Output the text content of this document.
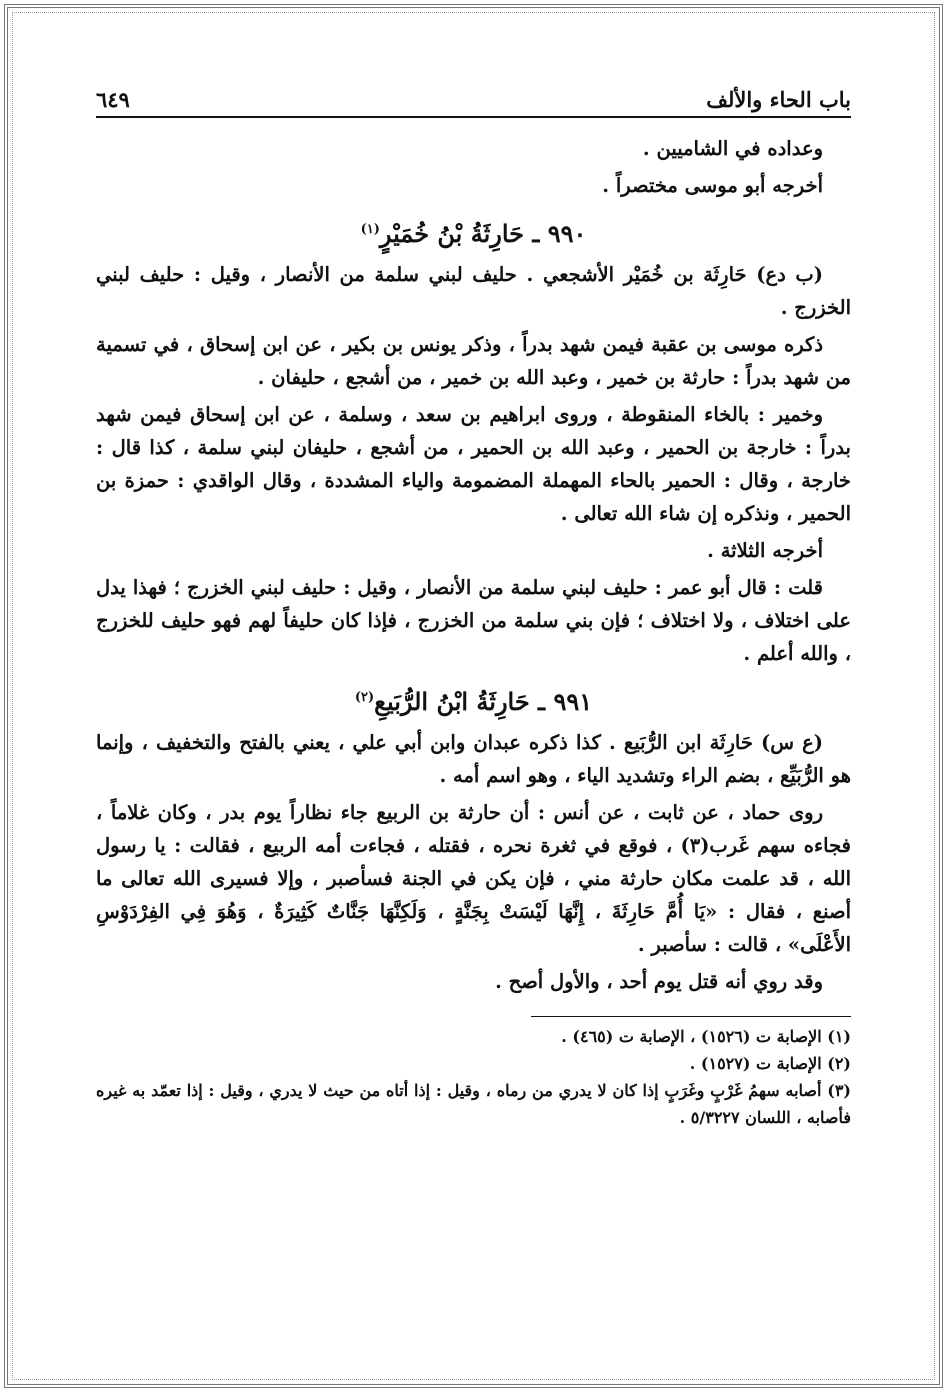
باب الحاء والألف
٦٤٩

وعداده في الشاميين .

أخرجه أبو موسى مختصراً .

٩٩٠ ـ حَارِثَةُ بْنُ خُمَيْرٍ$^{(١)}$

(ب دع) حَارِثَة بن خُمَيْر الأشجعي . حليف لبني سلمة من الأنصار ، وقيل : حليف لبني الخزرج .

ذكره موسى بن عقبة فيمن شهد بدراً ، وذكر يونس بن بكير ، عن ابن إسحاق ، في تسمية من شهد بدراً : حارثة بن خمير ، وعبد الله بن خمير ، من أشجع ، حليفان .

وخمير : بالخاء المنقوطة ، وروى ابراهيم بن سعد ، وسلمة ، عن ابن إسحاق فيمن شهد بدراً : خارجة بن الحمير ، وعبد الله بن الحمير ، من أشجع ، حليفان لبني سلمة ، كذا قال : خارجة ، وقال : الحمير بالحاء المهملة المضمومة والياء المشددة ، وقال الواقدي : حمزة بن الحمير ، ونذكره إن شاء الله تعالى .

أخرجه الثلاثة .

قلت : قال أبو عمر : حليف لبني سلمة من الأنصار ، وقيل : حليف لبني الخزرج ؛ فهذا يدل على اختلاف ، ولا اختلاف ؛ فإن بني سلمة من الخزرج ، فإذا كان حليفاً لهم فهو حليف للخزرج ، والله أعلم .

٩٩١ ـ حَارِثَةُ ابْنُ الرُّبَيعِ$^{(٢)}$

(ع س) حَارِثَة ابن الرُّبَيع . كذا ذكره عبدان وابن أبي علي ، يعني بالفتح والتخفيف ، وإنما هو الرُّبَيِّع ، بضم الراء وتشديد الياء ، وهو اسم أمه .

روى حماد ، عن ثابت ، عن أنس : أن حارثة بن الربيع جاء نظاراً يوم بدر ، وكان غلاماً ، فجاءه سهم غَرب(٣) ، فوقع في ثغرة نحره ، فقتله ، فجاءت أمه الربيع ، فقالت : يا رسول الله ، قد علمت مكان حارثة مني ، فإن يكن في الجنة فسأصبر ، وإلا فسيرى الله تعالى ما أصنع ، فقال : «يَا أُمَّ حَارِثَةَ ، إِنَّهَا لَيْسَتْ بِجَنَّةٍ ، وَلَكِنَّهَا جَنَّاتٌ كَثِيرَةٌ ، وَهُوَ فِي الفِرْدَوْسِ الأَعْلَى» ، قالت : سأصبر .

وقد روي أنه قتل يوم أحد ، والأول أصح .

(١) الإصابة ت (١٥٢٦) ، الإصابة ت (٤٦٥) .

(٢) الإصابة ت (١٥٢٧) .

(٣) أصابه سهمُ غَرْبٍ وغَرَبٍ إذا كان لا يدري من رماه ، وقيل : إذا أتاه من حيث لا يدري ، وقيل : إذا تعمّد به غيره فأصابه ، اللسان ٥/٣٢٢٧ .
